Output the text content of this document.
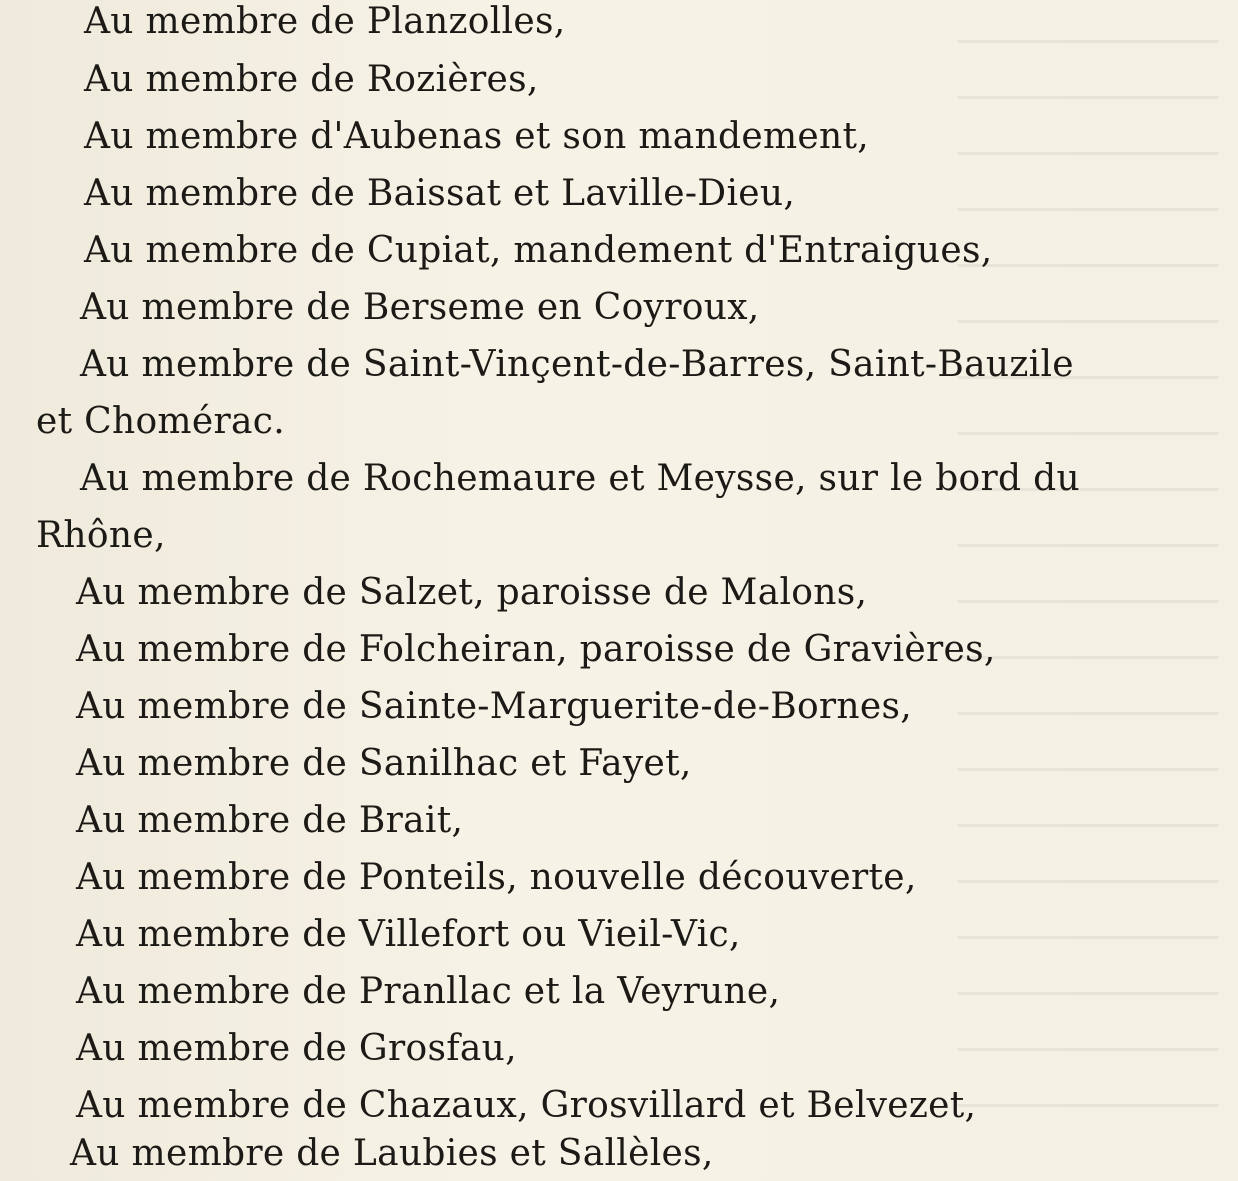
Au membre de Planzolles,
Au membre de Rozières,
Au membre d'Aubenas et son mandement,
Au membre de Baissat et Laville-Dieu,
Au membre de Cupiat, mandement d'Entraigues,
Au membre de Berseme en Coyroux,
Au membre de Saint-Vinçent-de-Barres, Saint-Bauzile
et Chomérac.
Au membre de Rochemaure et Meysse, sur le bord du
Rhône,
Au membre de Salzet, paroisse de Malons,
Au membre de Folcheiran, paroisse de Gravières,
Au membre de Sainte-Marguerite-de-Bornes,
Au membre de Sanilhac et Fayet,
Au membre de Brait,
Au membre de Ponteils, nouvelle découverte,
Au membre de Villefort ou Vieil-Vic,
Au membre de Pranllac et la Veyrune,
Au membre de Grosfau,
Au membre de Chazaux, Grosvillard et Belvezet,
Au membre de Laubies et Sallèles,
